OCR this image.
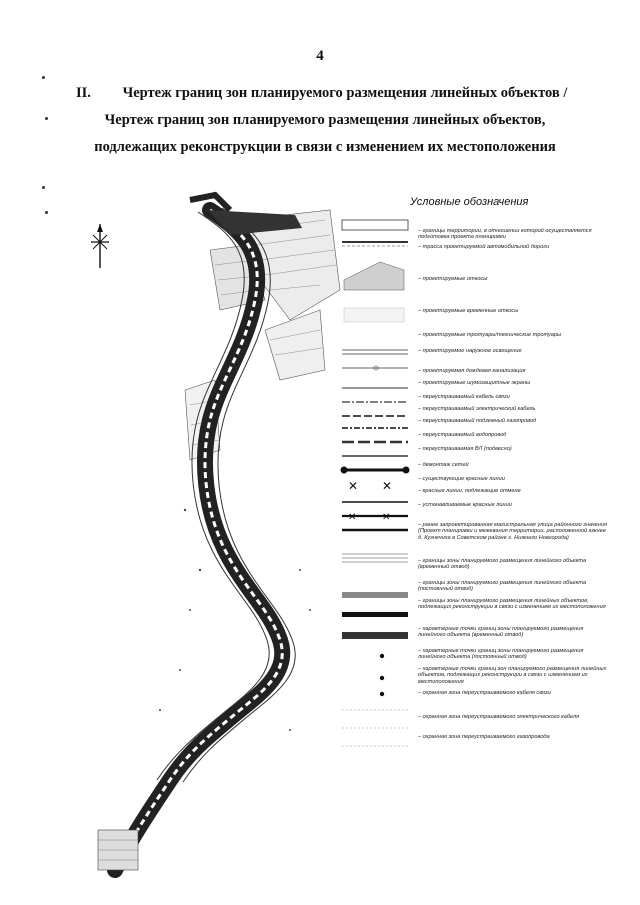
4
II.	Чертеж границ зон планируемого размещения линейных объектов /
Чертеж границ зон планируемого размещения линейных объектов,
подлежащих реконструкции в связи с изменением их местоположения
Условные обозначения
✕ ✕
✕	✕
– границы территории, в отношении которой осуществляется подготовка проекта планировки
– трасса проектируемой автомобильной дороги
– проектируемые откосы
– проектируемые временные откосы
– проектируемые тротуары/технические тротуары
– проектируемое наружное освещение
– проектируемая дождевая канализация
– проектируемые шумозащитные экраны
– переустраиваемый кабель связи
– переустраиваемый электрический кабель
– переустраиваемый подземный газопровод
– переустраиваемый водопровод
– переустраиваемая ВЛ (подвесно)
– демонтаж сетей
– существующие красные линии
– красные линии, подлежащие отмене
– устанавливаемые красные линии
– ранее запроектированная магистральная улица районного значения (Проект планировки и межевания территории, расположенной южнее д. Кузнечиха в Советском районе г. Нижнего Новгорода)
– границы зоны планируемого размещения линейного объекта (временный отвод)
– границы зоны планируемого размещения линейного объекта (постоянный отвод)
– границы зоны планируемого размещения линейных объектов, подлежащих реконструкции в связи с изменением их местоположения
– характерные точки границ зоны планируемого размещения линейного объекта (временный отвод)
– характерные точки границ зоны планируемого размещения линейного объекта (постоянный отвод)
– характерные точки границ зон планируемого размещения линейных объектов, подлежащих реконструкции в связи с изменением их местоположения
– охранная зона переустраиваемого кабеля связи
– охранная зона переустраиваемого электрического кабеля
– охранная зона переустраиваемого газопровода
